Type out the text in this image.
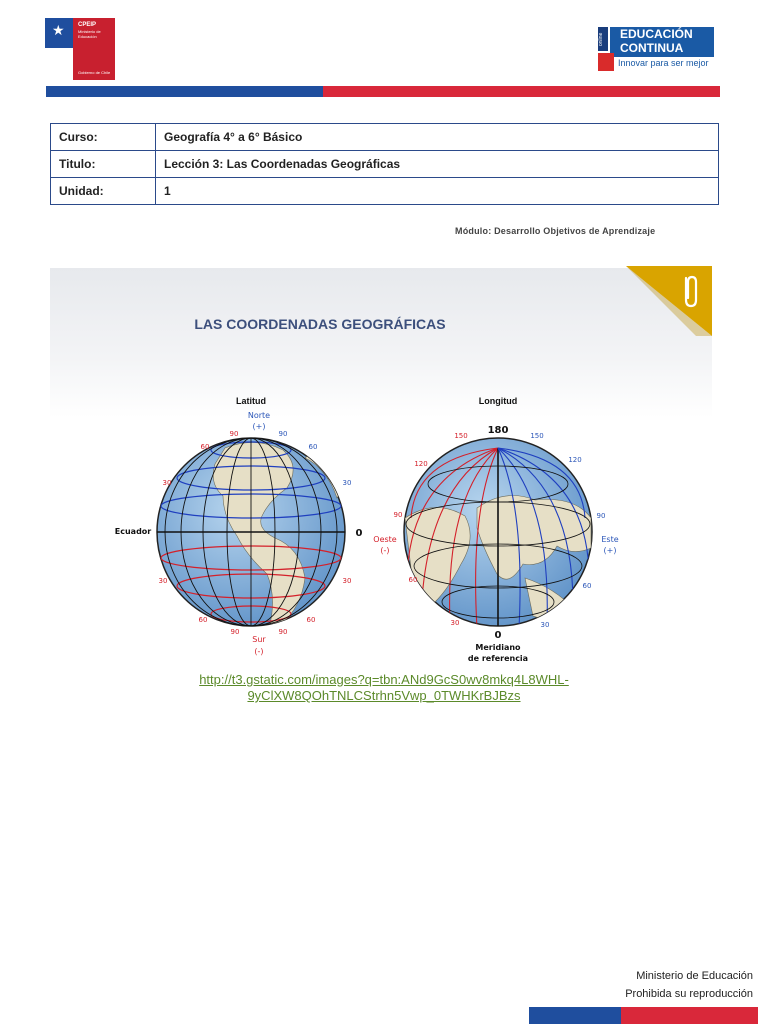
★ CPEIP
Ministerio de Educación
Gobierno de Chile
online	EDUCACIÓN
CONTINUA
Innovar para ser mejor
Curso:	Geografía 4° a 6° Básico
Titulo:	Lección 3: Las Coordenadas Geográficas
Unidad:	1
Módulo: Desarrollo Objetivos de Aprendizaje
LAS COORDENADAS GEOGRÁFICAS
Latitud
Norte
(+)
90	90
60	60
30	30
Ecuador	0
30	30
60	60
90	90
Sur
(-)
Longitud
180
150
120
90
60
30
150
120
90
60
30
Oeste
(-)
Este
(+)
0
Meridiano
de referencia
http://t3.gstatic.com/images?q=tbn:ANd9GcS0wv8mkq4L8WHL-
9yClXW8QOhTNLCStrhn5Vwp_0TWHKrBJBzs
Ministerio de Educación
Prohibida su reproducción
